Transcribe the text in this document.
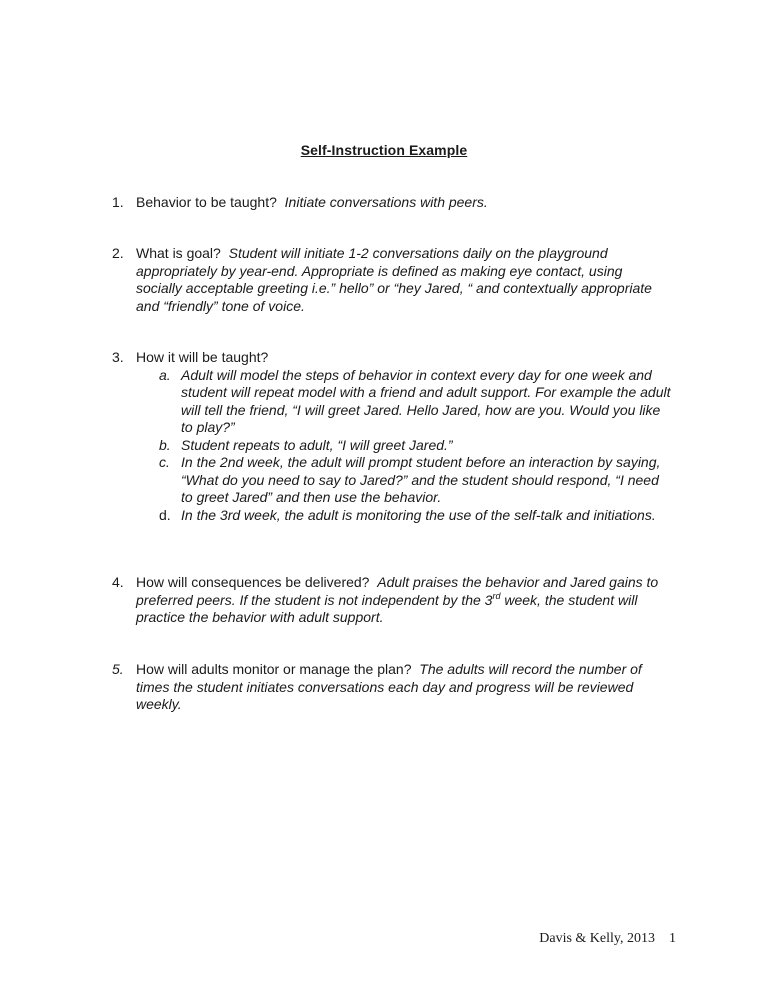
Self-Instruction Example
1. Behavior to be taught? Initiate conversations with peers.
2. What is goal? Student will initiate 1-2 conversations daily on the playground appropriately by year-end. Appropriate is defined as making eye contact, using socially acceptable greeting i.e.” hello” or “hey Jared, “ and contextually appropriate and “friendly” tone of voice.
3. How it will be taught?
a. Adult will model the steps of behavior in context every day for one week and student will repeat model with a friend and adult support. For example the adult will tell the friend, “I will greet Jared. Hello Jared, how are you. Would you like to play?”
b. Student repeats to adult, “I will greet Jared.”
c. In the 2nd week, the adult will prompt student before an interaction by saying, “What do you need to say to Jared?” and the student should respond, “I need to greet Jared” and then use the behavior.
d. In the 3rd week, the adult is monitoring the use of the self-talk and initiations.
4. How will consequences be delivered? Adult praises the behavior and Jared gains to preferred peers. If the student is not independent by the 3rd week, the student will practice the behavior with adult support.
5. How will adults monitor or manage the plan? The adults will record the number of times the student initiates conversations each day and progress will be reviewed weekly.
Davis & Kelly, 2013 1
